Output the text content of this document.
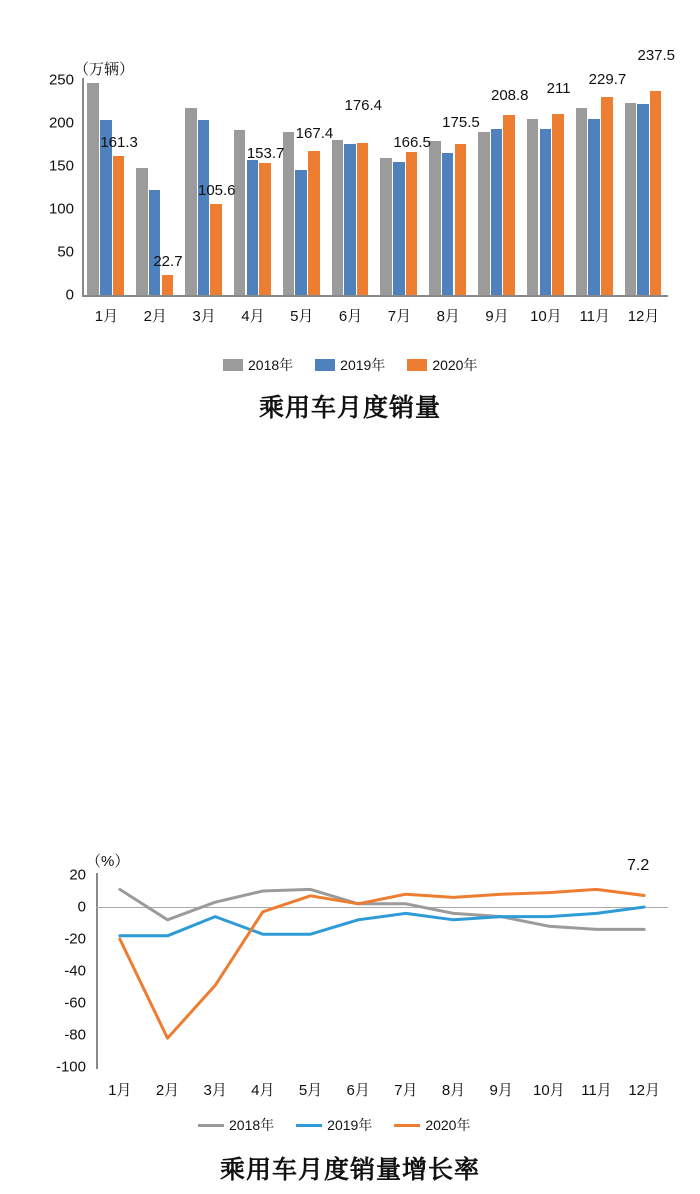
（万辆）
0
50
100
150
200
250
1月	2月	3月	4月	5月	6月	7月	8月	9月	10月	11月	12月
161.3
22.7
105.6
153.7
167.4
176.4
166.5
175.5
208.8 211 229.7
237.5
2018年	2019年	2020年
乘用车月度销量
（%）
-100
-80
-60
-40
-20
0
20
1月	2月	3月	4月	5月	6月	7月	8月	9月	10月	11月	12月
7.2
2018年	2019年	2020年
乘用车月度销量增长率
